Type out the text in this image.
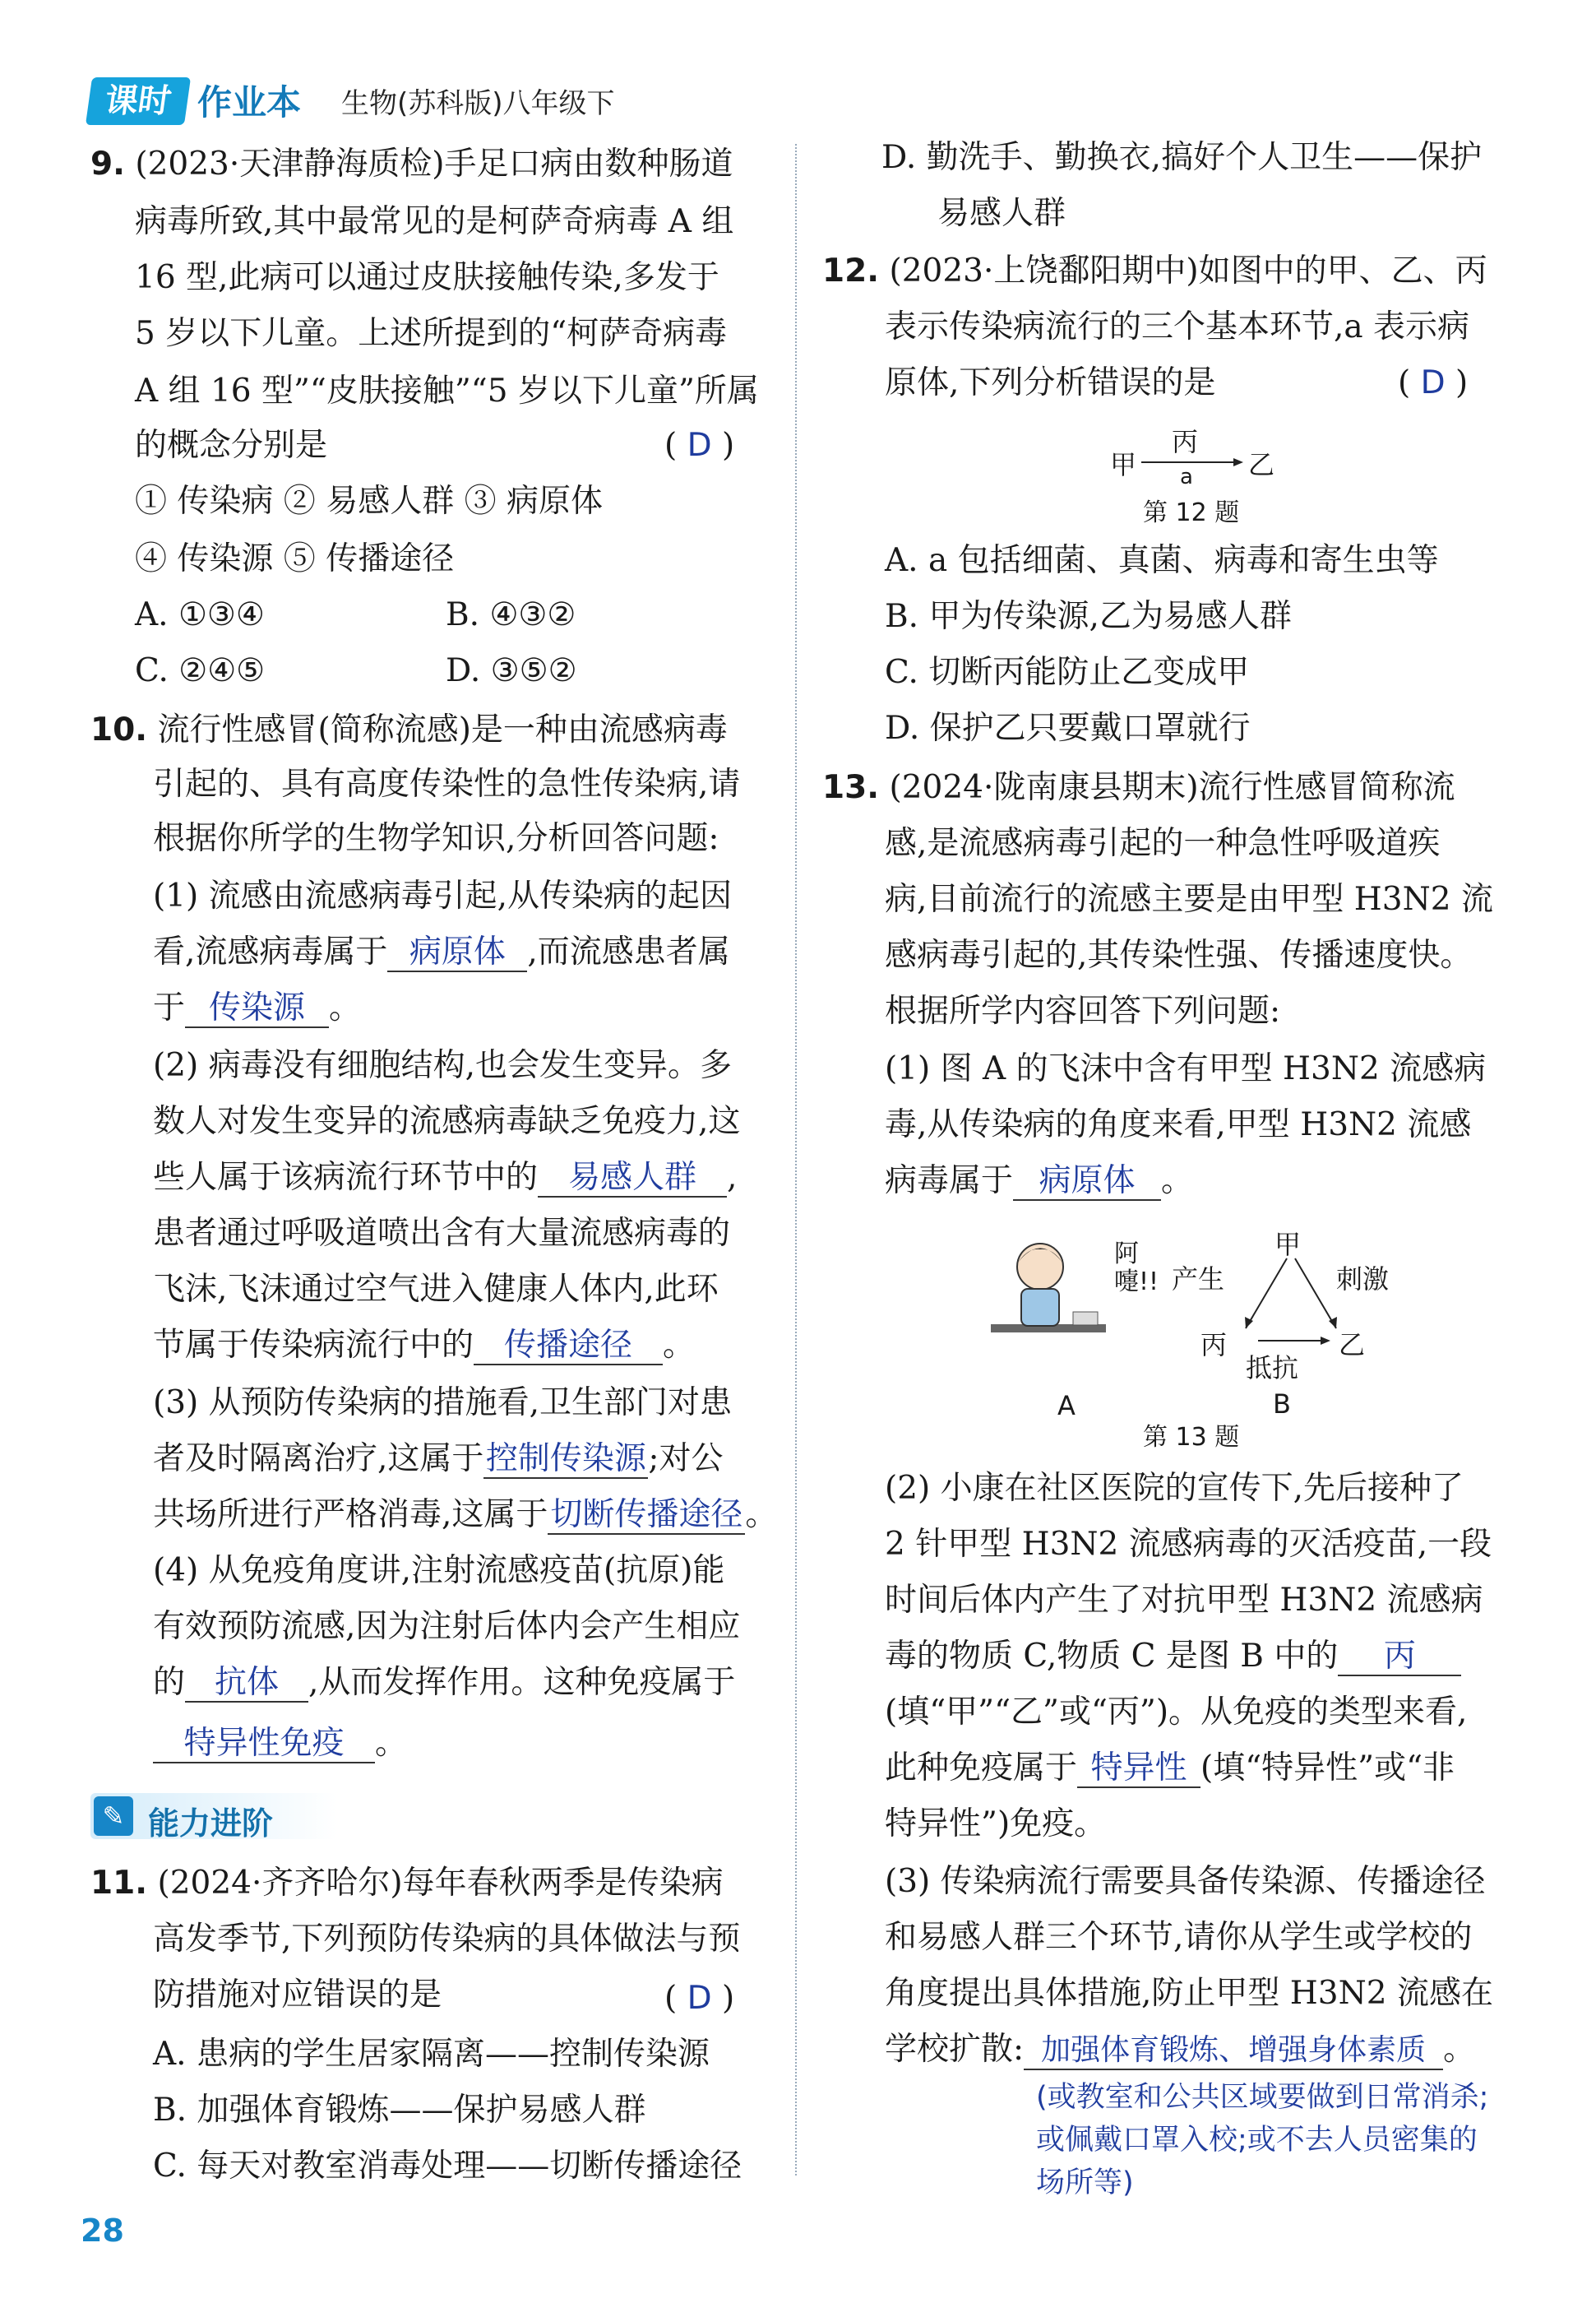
课时 作业本 生物(苏科版)八年级下
9. (2023·天津静海质检)手足口病由数种肠道
病毒所致,其中最常见的是柯萨奇病毒 A 组
16 型,此病可以通过皮肤接触传染,多发于
5 岁以下儿童。上述所提到的“柯萨奇病毒
A 组 16 型”“皮肤接触”“5 岁以下儿童”所属
的概念分别是	( D )
① 传染病 ② 易感人群 ③ 病原体
④ 传染源 ⑤ 传播途径
A. ①③④	B. ④③②
C. ②④⑤	D. ③⑤②
10. 流行性感冒(简称流感)是一种由流感病毒
引起的、具有高度传染性的急性传染病,请
根据你所学的生物学知识,分析回答问题:
(1) 流感由流感病毒引起,从传染病的起因
看,流感病毒属于 病原体 ,而流感患者属
于 传染源 。
(2) 病毒没有细胞结构,也会发生变异。多
数人对发生变异的流感病毒缺乏免疫力,这
些人属于该病流行环节中的 易感人群 ,
患者通过呼吸道喷出含有大量流感病毒的
飞沫,飞沫通过空气进入健康人体内,此环
节属于传染病流行中的 传播途径 。
(3) 从预防传染病的措施看,卫生部门对患
者及时隔离治疗,这属于控制传染源;对公
共场所进行严格消毒,这属于切断传播途径。
(4) 从免疫角度讲,注射流感疫苗(抗原)能
有效预防流感,因为注射后体内会产生相应
的 抗体 ,从而发挥作用。这种免疫属于
特异性免疫 。
✎ 能力进阶
11. (2024·齐齐哈尔)每年春秋两季是传染病
高发季节,下列预防传染病的具体做法与预
防措施对应错误的是	( D )
A. 患病的学生居家隔离——控制传染源
B. 加强体育锻炼——保护易感人群
C. 每天对教室消毒处理——切断传播途径
D. 勤洗手、勤换衣,搞好个人卫生——保护
易感人群
12. (2023·上饶鄱阳期中)如图中的甲、乙、丙
表示传染病流行的三个基本环节,a 表示病
原体,下列分析错误的是	( D )
甲
丙
a 乙
第 12 题
A. a 包括细菌、真菌、病毒和寄生虫等
B. 甲为传染源,乙为易感人群
C. 切断丙能防止乙变成甲
D. 保护乙只要戴口罩就行
13. (2024·陇南康县期末)流行性感冒简称流
感,是流感病毒引起的一种急性呼吸道疾
病,目前流行的流感主要是由甲型 H3N2 流
感病毒引起的,其传染性强、传播速度快。
根据所学内容回答下列问题:
(1) 图 A 的飞沫中含有甲型 H3N2 流感病
毒,从传染病的角度来看,甲型 H3N2 流感
病毒属于 病原体 。
阿嚏!!
A
甲
丙	乙
产生	刺激
抵抗
B
第 13 题
(2) 小康在社区医院的宣传下,先后接种了
2 针甲型 H3N2 流感病毒的灭活疫苗,一段
时间后体内产生了对抗甲型 H3N2 流感病
毒的物质 C,物质 C 是图 B 中的 丙
(填“甲”“乙”或“丙”)。从免疫的类型来看,
此种免疫属于 特异性 (填“特异性”或“非
特异性”)免疫。
(3) 传染病流行需要具备传染源、传播途径
和易感人群三个环节,请你从学生或学校的
角度提出具体措施,防止甲型 H3N2 流感在
学校扩散: 加强体育锻炼、增强身体素质 。
(或教室和公共区域要做到日常消杀;
或佩戴口罩入校;或不去人员密集的
场所等)
28
